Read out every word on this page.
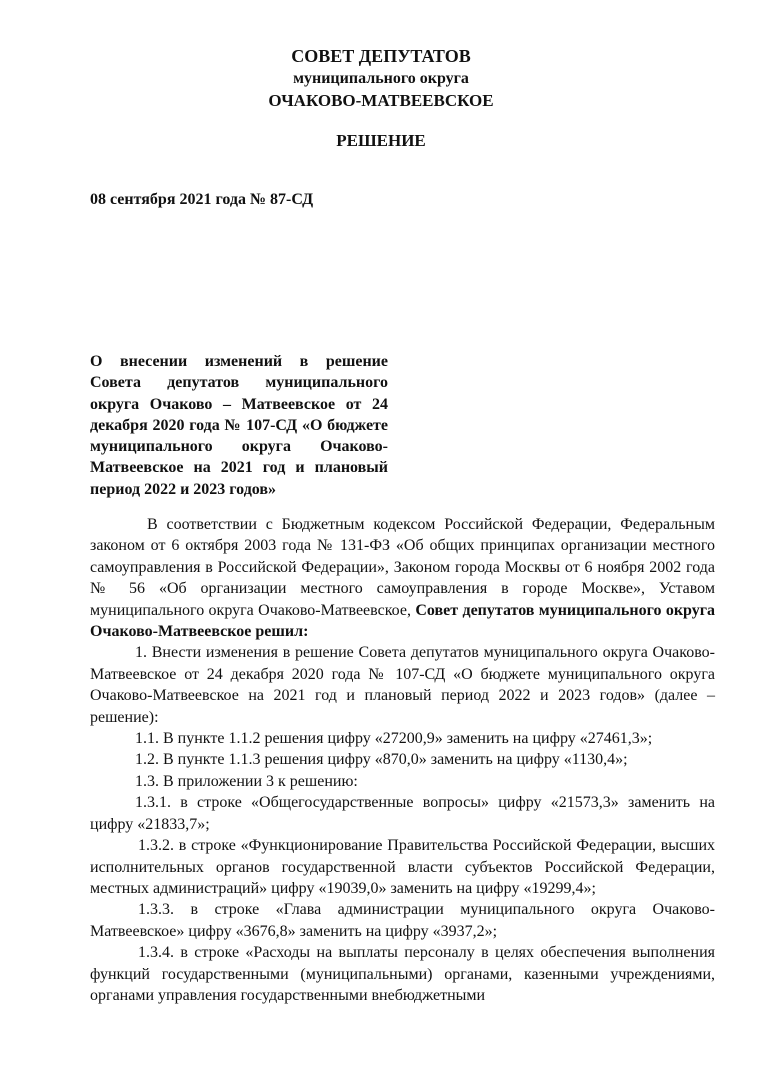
СОВЕТ ДЕПУТАТОВ
муниципального округа
ОЧАКОВО-МАТВЕЕВСКОЕ
РЕШЕНИЕ
08 сентября 2021 года № 87-СД
О внесении изменений в решение Совета депутатов муниципального округа Очаково – Матвеевское от 24 декабря 2020 года № 107-СД «О бюджете муниципального округа Очаково-Матвеевское на 2021 год и плановый период 2022 и 2023 годов»

В соответствии с Бюджетным кодексом Российской Федерации, Федеральным законом от 6 октября 2003 года № 131-ФЗ «Об общих принципах организации местного самоуправления в Российской Федерации», Законом города Москвы от 6 ноября 2002 года № 56 «Об организации местного самоуправления в городе Москве», Уставом муниципального округа Очаково-Матвеевское, Совет депутатов муниципального округа Очаково-Матвеевское решил:

1. Внести изменения в решение Совета депутатов муниципального округа Очаково-Матвеевское от 24 декабря 2020 года № 107-СД «О бюджете муниципального округа Очаково-Матвеевское на 2021 год и плановый период 2022 и 2023 годов» (далее – решение):

1.1. В пункте 1.1.2 решения цифру «27200,9» заменить на цифру «27461,3»;

1.2. В пункте 1.1.3 решения цифру «870,0» заменить на цифру «1130,4»;

1.3. В приложении 3 к решению:

1.3.1. в строке «Общегосударственные вопросы» цифру «21573,3» заменить на цифру «21833,7»;

1.3.2. в строке «Функционирование Правительства Российской Федерации, высших исполнительных органов государственной власти субъектов Российской Федерации, местных администраций» цифру «19039,0» заменить на цифру «19299,4»;

1.3.3. в строке «Глава администрации муниципального округа Очаково-Матвеевское» цифру «3676,8» заменить на цифру «3937,2»;

1.3.4. в строке «Расходы на выплаты персоналу в целях обеспечения выполнения функций государственными (муниципальными) органами, казенными учреждениями, органами управления государственными внебюджетными
